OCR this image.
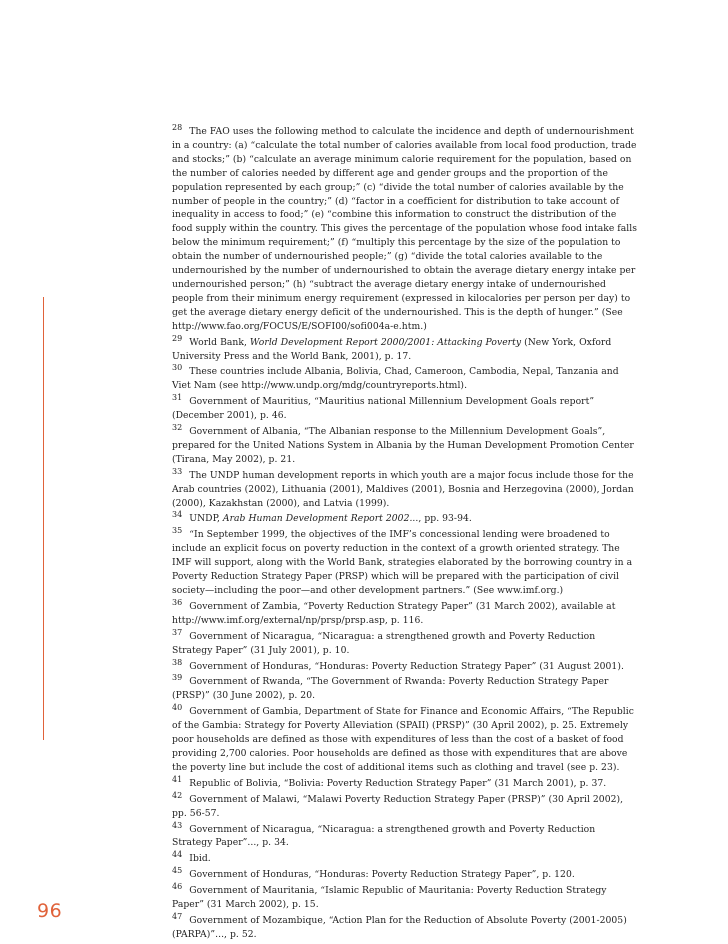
$^{28}$ The FAO uses the following method to calculate the incidence and depth of undernourishment in a country: (a) “calculate the total number of calories available from local food production, trade and stocks;” (b) “calculate an average minimum calorie requirement for the population, based on the number of calories needed by different age and gender groups and the proportion of the population represented by each group;” (c) “divide the total number of calories available by the number of people in the country;” (d) “factor in a coefficient for distribution to take account of inequality in access to food;” (e) “combine this information to construct the distribution of the food supply within the country. This gives the percentage of the population whose food intake falls below the minimum requirement;” (f) “multiply this percentage by the size of the population to obtain the number of undernourished people;” (g) “divide the total calories available to the undernourished by the number of undernourished to obtain the average dietary energy intake per undernourished person;” (h) “subtract the average dietary energy intake of undernourished people from their minimum energy requirement (expressed in kilocalories per person per day) to get the average dietary energy deficit of the undernourished. This is the depth of hunger.” (See http://www.fao.org/FOCUS/E/SOFI00/sofi004a-e.htm.)

$^{29}$ World Bank, World Development Report 2000/2001: Attacking Poverty (New York, Oxford University Press and the World Bank, 2001), p. 17.

$^{30}$ These countries include Albania, Bolivia, Chad, Cameroon, Cambodia, Nepal, Tanzania and Viet Nam (see http://www.undp.org/mdg/countryreports.html).

$^{31}$ Government of Mauritius, “Mauritius national Millennium Development Goals report” (December 2001), p. 46.

$^{32}$ Government of Albania, “The Albanian response to the Millennium Development Goals”, prepared for the United Nations System in Albania by the Human Development Promotion Center (Tirana, May 2002), p. 21.

$^{33}$ The UNDP human development reports in which youth are a major focus include those for the Arab countries (2002), Lithuania (2001), Maldives (2001), Bosnia and Herzegovina (2000), Jordan (2000), Kazakhstan (2000), and Latvia (1999).

$^{34}$ UNDP, Arab Human Development Report 2002..., pp. 93-94.

$^{35}$ “In September 1999, the objectives of the IMF’s concessional lending were broadened to include an explicit focus on poverty reduction in the context of a growth oriented strategy. The IMF will support, along with the World Bank, strategies elaborated by the borrowing country in a Poverty Reduction Strategy Paper (PRSP) which will be prepared with the participation of civil society—including the poor—and other development partners.” (See www.imf.org.)

$^{36}$ Government of Zambia, “Poverty Reduction Strategy Paper” (31 March 2002), available at http://www.imf.org/external/np/prsp/prsp.asp, p. 116.

$^{37}$ Government of Nicaragua, “Nicaragua: a strengthened growth and Poverty Reduction Strategy Paper” (31 July 2001), p. 10.

$^{38}$ Government of Honduras, “Honduras: Poverty Reduction Strategy Paper” (31 August 2001).

$^{39}$ Government of Rwanda, “The Government of Rwanda: Poverty Reduction Strategy Paper (PRSP)” (30 June 2002), p. 20.

$^{40}$ Government of Gambia, Department of State for Finance and Economic Affairs, “The Republic of the Gambia: Strategy for Poverty Alleviation (SPAII) (PRSP)” (30 April 2002), p. 25. Extremely poor households are defined as those with expenditures of less than the cost of a basket of food providing 2,700 calories. Poor households are defined as those with expenditures that are above the poverty line but include the cost of additional items such as clothing and travel (see p. 23).

$^{41}$ Republic of Bolivia, “Bolivia: Poverty Reduction Strategy Paper” (31 March 2001), p. 37.

$^{42}$ Government of Malawi, “Malawi Poverty Reduction Strategy Paper (PRSP)” (30 April 2002), pp. 56-57.

$^{43}$ Government of Nicaragua, “Nicaragua: a strengthened growth and Poverty Reduction Strategy Paper”..., p. 34.

$^{44}$ Ibid.

$^{45}$ Government of Honduras, “Honduras: Poverty Reduction Strategy Paper”, p. 120.

$^{46}$ Government of Mauritania, “Islamic Republic of Mauritania: Poverty Reduction Strategy Paper” (31 March 2002), p. 15.

$^{47}$ Government of Mozambique, “Action Plan for the Reduction of Absolute Poverty (2001-2005) (PARPA)”..., p. 52.

96
